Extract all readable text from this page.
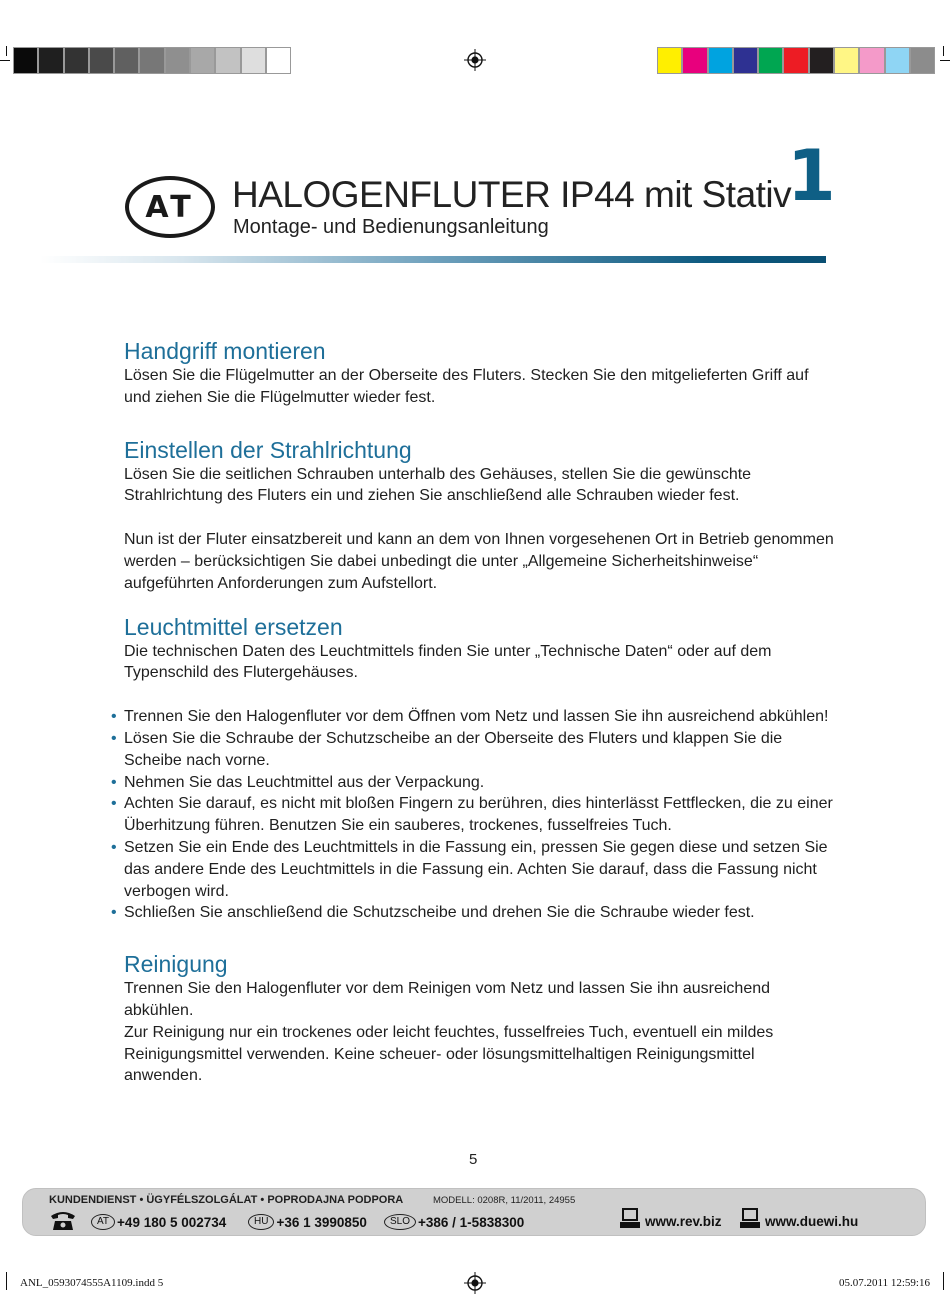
AT	HALOGENFLUTER IP44 mit Stativ
Montage- und Bedienungsanleitung
1
Handgriff montieren

Lösen Sie die Flügelmutter an der Oberseite des Fluters. Stecken Sie den mitgelieferten Griff auf und ziehen Sie die Flügelmutter wieder fest.

Einstellen der Strahlrichtung

Lösen Sie die seitlichen Schrauben unterhalb des Gehäuses, stellen Sie die gewünschte Strahlrichtung des Fluters ein und ziehen Sie anschließend alle Schrauben wieder fest.

Nun ist der Fluter einsatzbereit und kann an dem von Ihnen vorgesehenen Ort in Betrieb genommen werden – berücksichtigen Sie dabei unbedingt die unter „Allgemeine Sicherheitshinweise“ aufgeführten Anforderungen zum Aufstellort.

Leuchtmittel ersetzen

Die technischen Daten des Leuchtmittels finden Sie unter „Technische Daten“ oder auf dem Typenschild des Flutergehäuses.

• Trennen Sie den Halogenfluter vor dem Öffnen vom Netz und lassen Sie ihn ausreichend abkühlen!
• Lösen Sie die Schraube der Schutzscheibe an der Oberseite des Fluters und klappen Sie die Scheibe nach vorne.
• Nehmen Sie das Leuchtmittel aus der Verpackung.
• Achten Sie darauf, es nicht mit bloßen Fingern zu berühren, dies hinterlässt Fettflecken, die zu einer Überhitzung führen. Benutzen Sie ein sauberes, trockenes, fusselfreies Tuch.
• Setzen Sie ein Ende des Leuchtmittels in die Fassung ein, pressen Sie gegen diese und setzen Sie das andere Ende des Leuchtmittels in die Fassung ein. Achten Sie darauf, dass die Fassung nicht verbogen wird.
• Schließen Sie anschließend die Schutzscheibe und drehen Sie die Schraube wieder fest.
Reinigung

Trennen Sie den Halogenfluter vor dem Reinigen vom Netz und lassen Sie ihn ausreichend abkühlen.

Zur Reinigung nur ein trockenes oder leicht feuchtes, fusselfreies Tuch, eventuell ein mildes Reinigungsmittel verwenden. Keine scheuer- oder lösungsmittelhaltigen Reinigungsmittel anwenden.

5
KUNDENDIENST • ÜGYFÉLSZOLGÁLAT • POPRODAJNA PODPORA	MODELL: 0208R, 11/2011, 24955
AT +49 180 5 002734	HU +36 1 3990850	SLO +386 / 1-5838300	www.rev.biz	www.duewi.hu
ANL_0593074555A1109.indd 5	05.07.2011 12:59:16
